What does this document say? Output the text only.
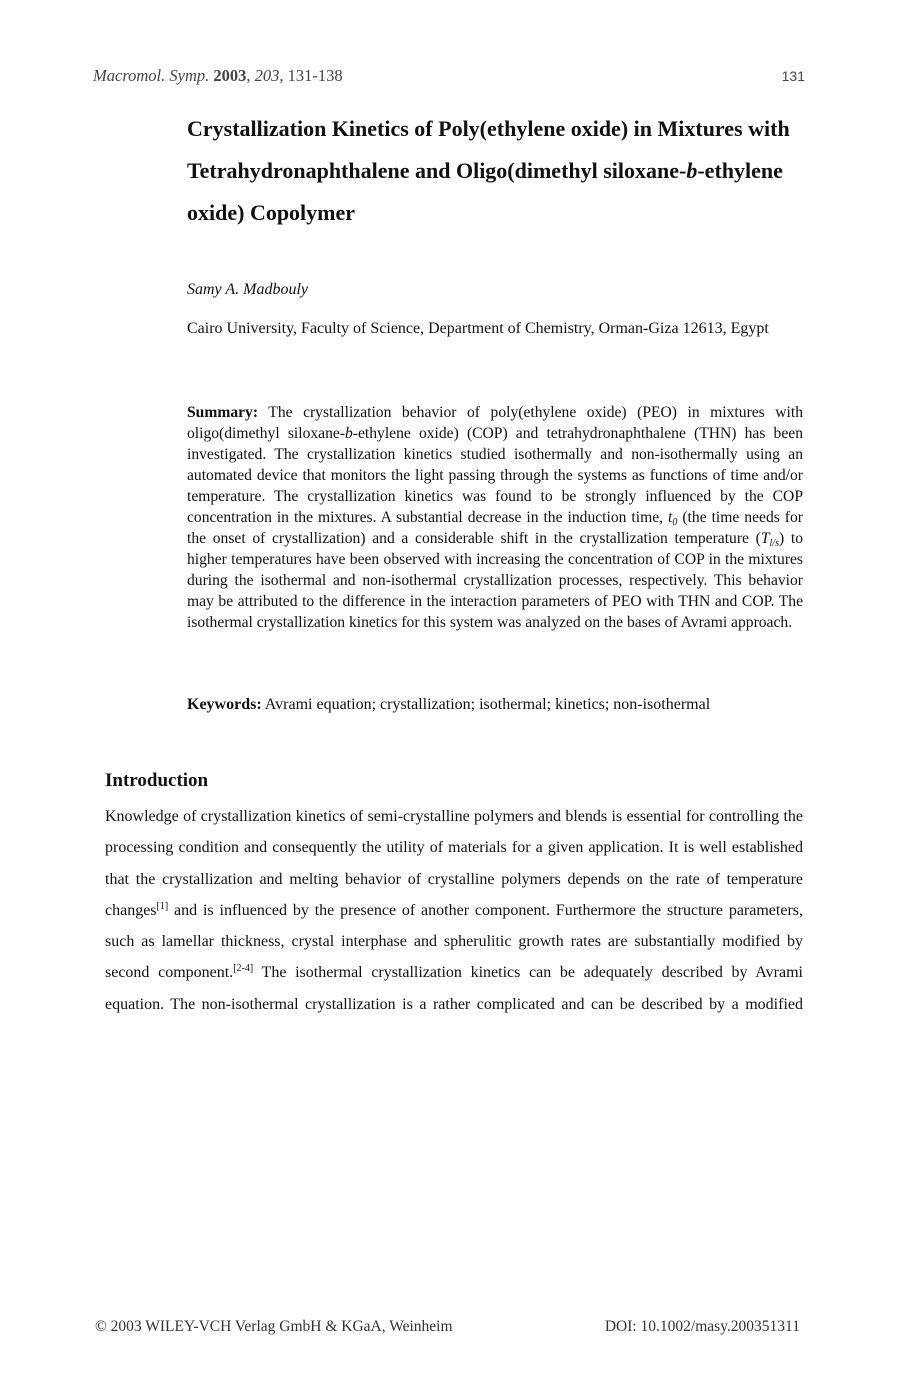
Macromol. Symp. 2003, 203, 131-138	131
Crystallization Kinetics of Poly(ethylene oxide) in Mixtures with Tetrahydronaphthalene and Oligo(dimethyl siloxane-b-ethylene oxide) Copolymer
Samy A. Madbouly
Cairo University, Faculty of Science, Department of Chemistry, Orman-Giza 12613, Egypt
Summary: The crystallization behavior of poly(ethylene oxide) (PEO) in mixtures with oligo(dimethyl siloxane-b-ethylene oxide) (COP) and tetrahydronaphthalene (THN) has been investigated. The crystallization kinetics studied isothermally and non-isothermally using an automated device that monitors the light passing through the systems as functions of time and/or temperature. The crystallization kinetics was found to be strongly influenced by the COP concentration in the mixtures. A substantial decrease in the induction time, $t_0$ (the time needs for the onset of crystallization) and a considerable shift in the crystallization temperature $(T_{l/s})$ to higher temperatures have been observed with increasing the concentration of COP in the mixtures during the isothermal and non-isothermal crystallization processes, respectively. This behavior may be attributed to the difference in the interaction parameters of PEO with THN and COP. The isothermal crystallization kinetics for this system was analyzed on the bases of Avrami approach.
Keywords: Avrami equation; crystallization; isothermal; kinetics; non-isothermal
Introduction

Knowledge of crystallization kinetics of semi-crystalline polymers and blends is essential for controlling the processing condition and consequently the utility of materials for a given application. It is well established that the crystallization and melting behavior of crystalline polymers depends on the rate of temperature changes[1] and is influenced by the presence of another component. Furthermore the structure parameters, such as lamellar thickness, crystal interphase and spherulitic growth rates are substantially modified by second component.[2-4] The isothermal crystallization kinetics can be adequately described by Avrami equation. The non-isothermal crystallization is a rather complicated and can be described by a modified

© 2003 WILEY-VCH Verlag GmbH & KGaA, Weinheim	DOI: 10.1002/masy.200351311
